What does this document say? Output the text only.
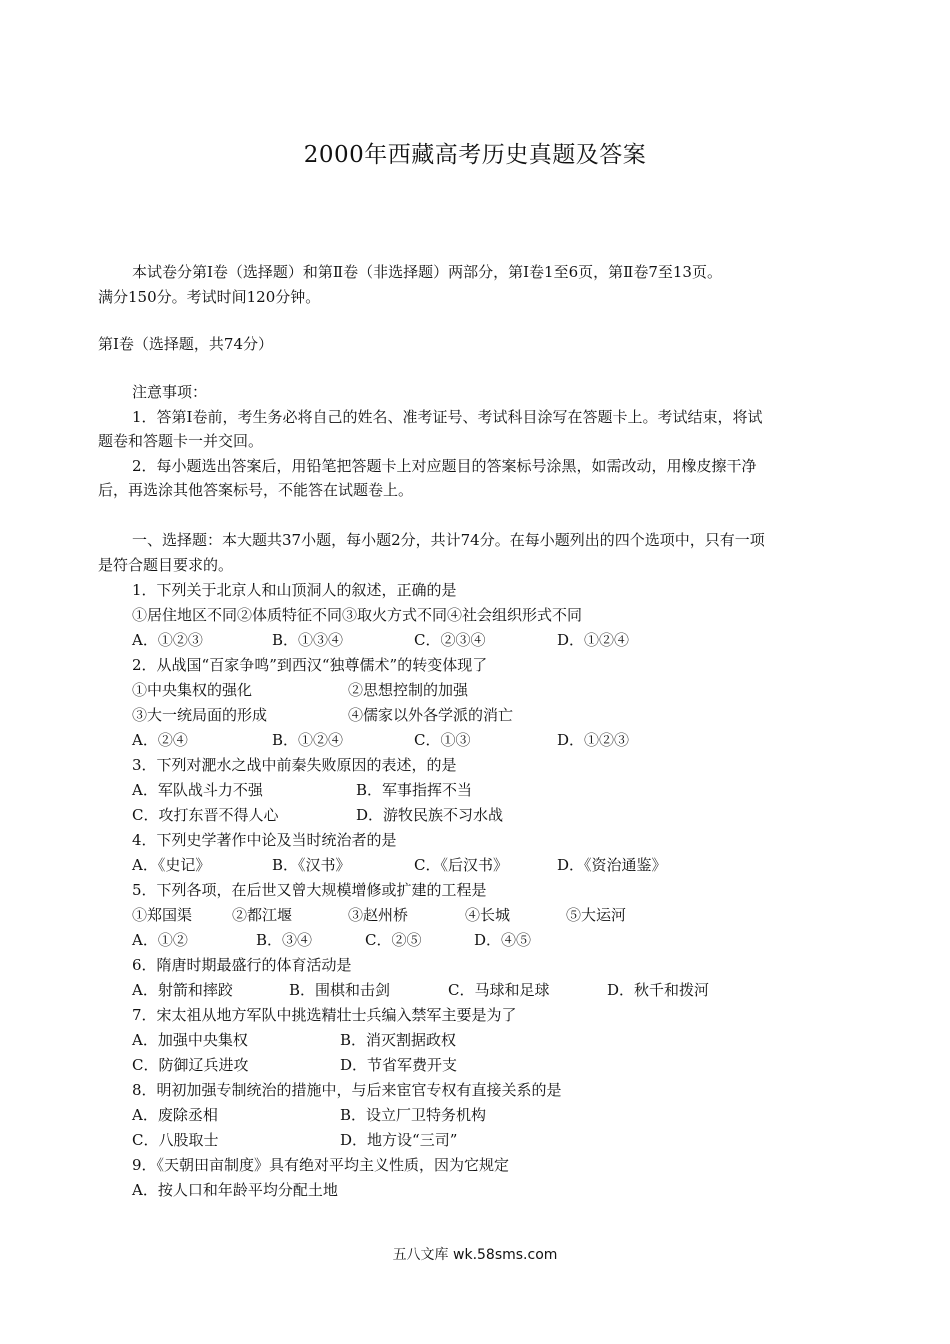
2000年西藏高考历史真题及答案
本试卷分第Ⅰ卷（选择题）和第Ⅱ卷（非选择题）两部分，第Ⅰ卷1至6页，第Ⅱ卷7至13页。
满分150分。考试时间120分钟。
第Ⅰ卷（选择题，共74分）
注意事项：
1．答第Ⅰ卷前，考生务必将自己的姓名、准考证号、考试科目涂写在答题卡上。考试结束，将试
题卷和答题卡一并交回。
2．每小题选出答案后，用铅笔把答题卡上对应题目的答案标号涂黑，如需改动，用橡皮擦干净
后，再选涂其他答案标号，不能答在试题卷上。
一、选择题：本大题共37小题，每小题2分，共计74分。在每小题列出的四个选项中，只有一项
是符合题目要求的。
1．下列关于北京人和山顶洞人的叙述，正确的是
①居住地区不同②体质特征不同③取火方式不同④社会组织形式不同
A．①②③	B．①③④	C．②③④	D．①②④
2．从战国“百家争鸣”到西汉“独尊儒术”的转变体现了
①中央集权的强化	②思想控制的加强
③大一统局面的形成	④儒家以外各学派的消亡
A．②④	B．①②④	C．①③	D．①②③
3．下列对淝水之战中前秦失败原因的表述，的是
A．军队战斗力不强	B．军事指挥不当
C．攻打东晋不得人心	D．游牧民族不习水战
4．下列史学著作中论及当时统治者的是
A．《史记》	B．《汉书》	C．《后汉书》	D．《资治通鉴》
5．下列各项，在后世又曾大规模增修或扩建的工程是
①郑国渠	②都江堰	③赵州桥	④长城	⑤大运河
A．①②	B．③④	C．②⑤	D．④⑤
6．隋唐时期最盛行的体育活动是
A．射箭和摔跤	B．围棋和击剑	C．马球和足球	D．秋千和拨河
7．宋太祖从地方军队中挑选精壮士兵编入禁军主要是为了
A．加强中央集权	B．消灭割据政权
C．防御辽兵进攻	D．节省军费开支
8．明初加强专制统治的措施中，与后来宦官专权有直接关系的是
A．废除丞相	B．设立厂卫特务机构
C．八股取士	D．地方设“三司”
9．《天朝田亩制度》具有绝对平均主义性质，因为它规定
A．按人口和年龄平均分配土地
五八文库 wk.58sms.com
